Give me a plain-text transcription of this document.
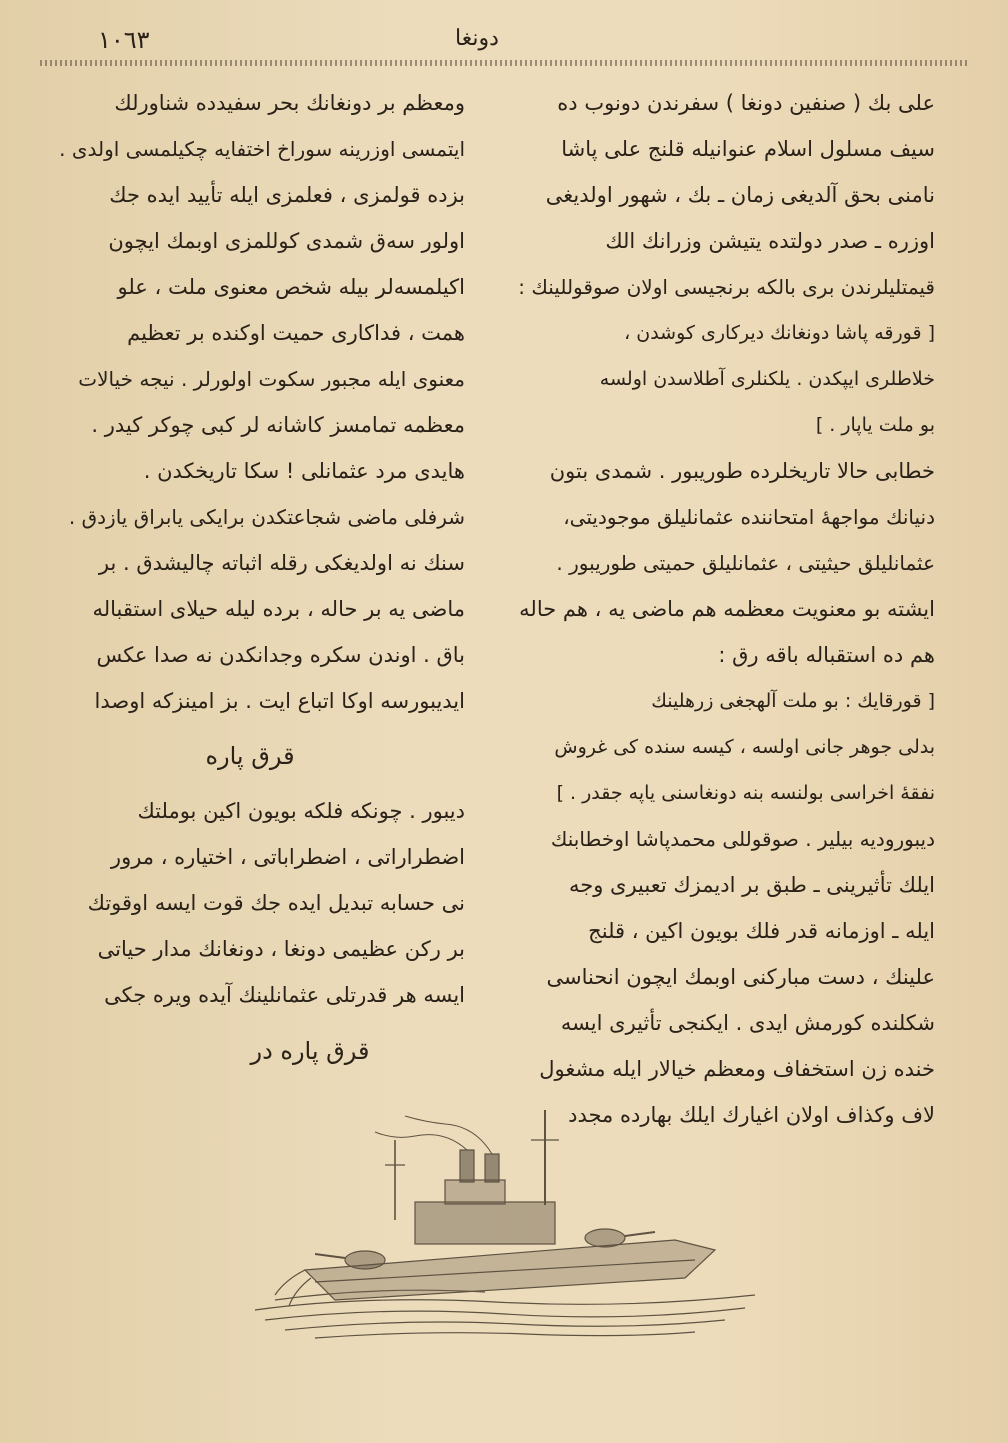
١٠٦٣	دونغا
علی بك ( صنفین دونغا ) سفرندن دونوب ده
سیف مسلول اسلام عنوانیله قلنج علی پاشا
نامنی بحق آلدیغی زمان ـ بك ، شهور اولدیغی
اوزره ـ صدر دولتده یتیشن وزرانك الك
قیمتلیلرندن بری بالکه برنجیسی اولان صوقوللینك :
[ قورقه پاشا دونغانك دیرکاری کوشدن ،
خلاطلری ایپکدن . یلکنلری آطلاسدن اولسه
بو ملت یاپار . ]
خطابی حالا تاریخلرده طوریبور . شمدی بتون
دنیانك مواجههٔ امتحاننده عثمانلیلق موجودیتی،
عثمانلیلق حیثیتی ، عثمانلیلق حمیتی طوریبور .
ایشته بو معنویت معظمه هم ماضی یه ، هم حاله
هم ده استقباله باقه رق :
[ قورقایك : بو ملت آلهجغی زرهلینك
بدلی جوهر جانی اولسه ، کیسه سنده کی غروش
نفقهٔ اخراسی بولنسه بنه دونغاسنی یاپه جقدر . ]
دیبورودیه بیلیر . صوقوللی محمدپاشا اوخطابنك
ایلك تأثیرینی ـ طبق بر ادیمزك تعبیری وجه
ایله ـ اوزمانه قدر فلك بویون اکین ، قلنج
علینك ، دست مبارکنی اوبمك ایچون انحناسی
شکلنده کورمش ایدی . ایکنجی تأثیری ایسه
خنده زن استخفاف ومعظم خیالار ایله مشغول
لاف وکذاف اولان اغیارك ایلك بهارده مجدد
ومعظم بر دونغانك بحر سفیدده شناورلك
ایتمسی اوزرینه سوراخ اختفایه چکیلمسی اولدی .
بزده قولمزی ، فعلمزی ایله تأیید ایده جك
اولور سه‌ق شمدی کوللمزی اوبمك ایچون
اکیلمسه‌لر بیله شخص معنوی ملت ، علو
همت ، فداکاری حمیت اوکنده بر تعظیم
معنوی ایله مجبور سکوت اولورلر . نیجه خیالات
معظمه تمامسز کاشانه لر کبی چوکر کیدر .
هایدی مرد عثمانلی ! سکا تاریخکدن .
شرفلی ماضی شجاعتکدن برایکی یابراق یازدق .
سنك نه اولدیغکی رقله اثباته چالیشدق . بر
ماضی یه بر حاله ، برده لیله حیلای استقباله
باق . اوندن سکره وجدانکدن نه صدا عکس
ایدیبورسه اوکا اتباع ایت . بز امینزکه اوصدا
قرق پاره
دیبور . چونکه فلکه بویون اکین بوملتك
اضطراراتی ، اضطراباتی ، اختیاره ، مرور
نی حسابه تبدیل ایده جك قوت ایسه اوقوتك
بر رکن عظیمی دونغا ، دونغانك مدار حیاتی
ایسه هر قدرتلی عثمانلینك آیده ویره جکی
قرق پاره در
